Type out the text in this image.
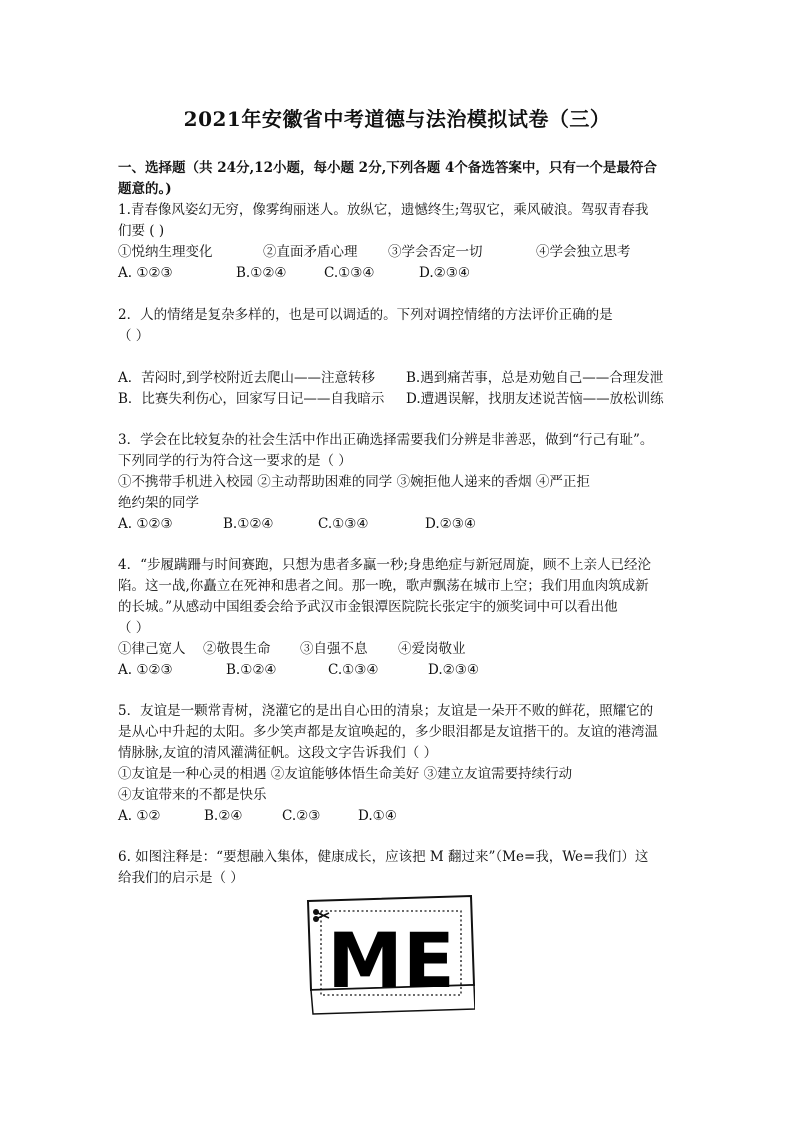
2021年安徽省中考道德与法治模拟试卷（三）
一、选择题（共 24分,12小题，每小题 2分,下列各题 4个备选答案中，只有一个是最符合
题意的。)
1.青春像风姿幻无穷，像雾绚丽迷人。放纵它，遗憾终生;驾驭它，乘风破浪。驾驭青春我
们要 ( )
①悦纳生理变化	②直面矛盾心理 ③学会否定一切	④学会独立思考
A. ①②③	B.①②④	C.①③④	D.②③④
2．人的情绪是复杂多样的，也是可以调适的。下列对调控情绪的方法评价正确的是
（ ）
A．苦闷时,到学校附近去爬山——注意转移 B.遇到痛苦事，总是劝勉自己——合理发泄
B．比赛失利伤心，回家写日记——自我暗示 D.遭遇误解，找朋友述说苦恼——放松训练
3．学会在比较复杂的社会生活中作出正确选择需要我们分辨是非善恶，做到“行己有耻”。
下列同学的行为符合这一要求的是（ ）
①不携带手机进入校园 ②主动帮助困难的同学 ③婉拒他人递来的香烟 ④严正拒
绝约架的同学
A. ①②③	B.①②④	C.①③④	D.②③④
4．“步履蹒跚与时间赛跑，只想为患者多赢一秒;身患绝症与新冠周旋，顾不上亲人已经沦
陷。这一战,你矗立在死神和患者之间。那一晚，歌声飘荡在城市上空；我们用血肉筑成新
的长城。”从感动中国组委会给予武汉市金银潭医院院长张定宇的颁奖词中可以看出他
（ ）
①律己宽人 ②敬畏生命 ③自强不息 ④爱岗敬业
A. ①②③	B.①②④	C.①③④	D.②③④
5．友谊是一颗常青树，浇灌它的是出自心田的清泉；友谊是一朵开不败的鲜花，照耀它的
是从心中升起的太阳。多少笑声都是友谊唤起的，多少眼泪都是友谊揩干的。友谊的港湾温
情脉脉,友谊的清风灌满征帆。这段文字告诉我们（ ）
①友谊是一种心灵的相遇 ②友谊能够体悟生命美好 ③建立友谊需要持续行动
④友谊带来的不都是快乐
A. ①②	B.②④	C.②③	D.①④
6. 如图注释是：“要想融入集体，健康成长，应该把 M 翻过来”（Me=我，We=我们）这
给我们的启示是（ ）
ME
